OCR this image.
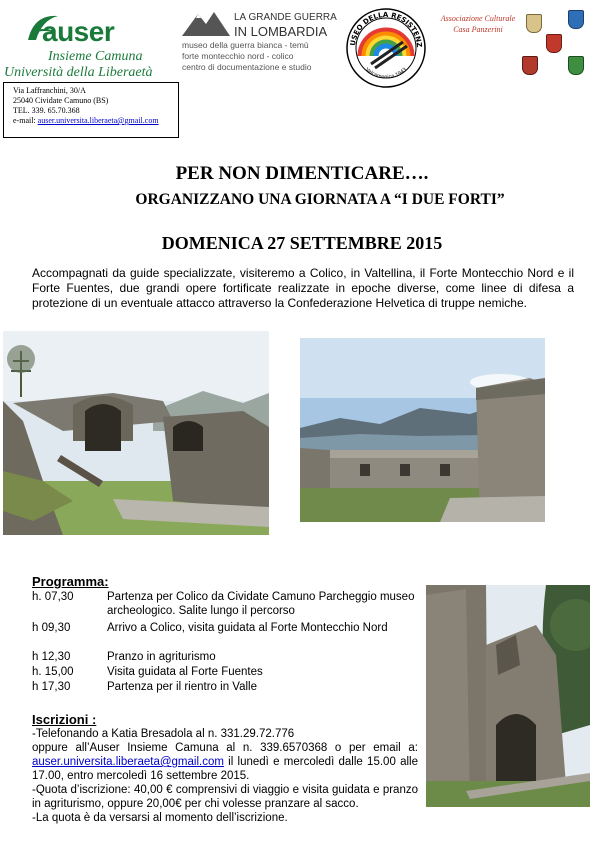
auser
Insieme Camuna
Università della Liberaetà
LA GRANDE GUERRA
IN LOMBARDIA
museo della guerra bianca - temù
forte montecchio nord - colico
centro di documentazione e studio
USEO DELLA RESISTENZ
Valcamonica 1943
Associazione Culturale
Casa Panzerini
Via Laffranchini, 30/A
25040 Cividate Camuno (BS)
TEL. 339. 65.70.368
e-mail: auser.universita.liberaeta@gmail.com
PER NON DIMENTICARE….
ORGANIZZANO UNA GIORNATA A “I DUE FORTI”
DOMENICA 27 SETTEMBRE 2015
Accompagnati da guide specializzate, visiteremo a Colico, in Valtellina, il Forte Montecchio Nord e il Forte Fuentes, due grandi opere fortificate realizzate in epoche diverse, come linee di difesa a protezione di un eventuale attacco attraverso la Confederazione Helvetica di truppe nemiche.
Programma:
h. 07,30	Partenza per Colico da Cividate Camuno Parcheggio museo archeologico. Salite lungo il percorso
h 09,30	Arrivo a Colico, visita guidata al Forte Montecchio Nord
h 12,30	Pranzo in agriturismo
h. 15,00	Visita guidata al Forte Fuentes
h 17,30	Partenza per il rientro in Valle
Iscrizioni :

-Telefonando a Katia Bresadola al n. 331.29.72.776

oppure all’Auser Insieme Camuna al n. 339.6570368 o per email a: auser.universita.liberaeta@gmail.com il lunedì e mercoledì dalle 15.00 alle 17.00, entro mercoledì 16 settembre 2015.

-Quota d’iscrizione: 40,00 € comprensivi di viaggio e visita guidata e pranzo in agriturismo, oppure 20,00€ per chi volesse pranzare al sacco.

-La quota è da versarsi al momento dell’iscrizione.
